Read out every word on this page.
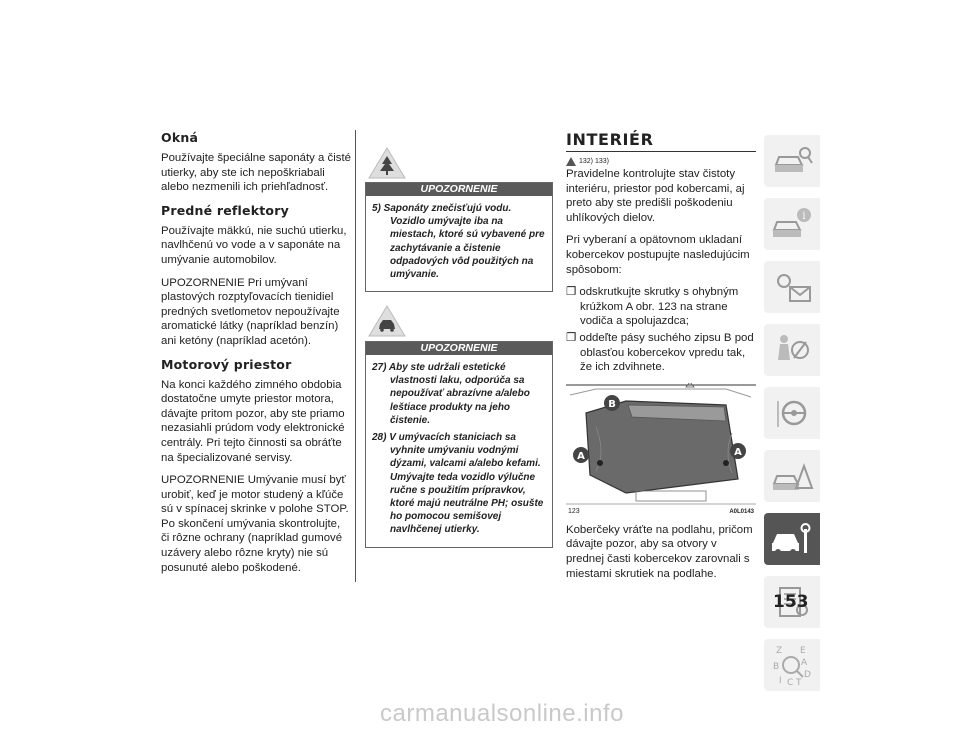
Okná

Používajte špeciálne saponáty a čisté utierky, aby ste ich nepoškriabali alebo nezmenili ich priehľadnosť.

Predné reflektory

Používajte mäkkú, nie suchú utierku, navlhčenú vo vode a v saponáte na umývanie automobilov.

UPOZORNENIE Pri umývaní plastových rozptyľovacích tienidiel predných svetlometov nepoužívajte aromatické látky (napríklad benzín) ani ketóny (napríklad acetón).

Motorový priestor

Na konci každého zimného obdobia dostatočne umyte priestor motora, dávajte pritom pozor, aby ste priamo nezasiahli prúdom vody elektronické centrály. Pri tejto činnosti sa obráťte na špecializované servisy.

UPOZORNENIE Umývanie musí byť urobiť, keď je motor studený a kľúče sú v spínacej skrinke v polohe STOP. Po skončení umývania skontrolujte, či rôzne ochrany (napríklad gumové uzávery alebo rôzne kryty) nie sú posunuté alebo poškodené.

UPOZORNENIE
5) Saponáty znečisťujú vodu. Vozidlo umývajte iba na miestach, ktoré sú vybavené pre zachytávanie a čistenie odpadových vôd použitých na umývanie.
UPOZORNENIE
27) Aby ste udržali estetické vlastnosti laku, odporúča sa nepoužívať abrazívne a/alebo leštiace produkty na jeho čistenie.
28) V umývacích staniciach sa vyhnite umývaniu vodnými dýzami, valcami a/alebo kefami. Umývajte teda vozidlo výlučne ručne s použitím prípravkov, ktoré majú neutrálne PH; osušte ho pomocou semišovej navlhčenej utierky.
INTERIÉR
132) 133)

Pravidelne kontrolujte stav čistoty interiéru, priestor pod kobercami, aj preto aby ste predišli poškodeniu uhlíkových dielov.

Pri vyberaní a opätovnom ukladaní kobercekov postupujte nasledujúcim spôsobom:

❐ odskrutkujte skrutky s ohybným krúžkom A obr. 123 na strane vodiča a spolujazdca;
❐ oddeľte pásy suchého zipsu B pod oblasťou kobercekov vpredu tak, že ich zdvihnete.
A	A
B
123	A0L0143

Koberčeky vráťte na podlahu, pričom dávajte pozor, aby sa otvory v prednej časti kobercekov zarovnali s miestami skrutiek na podlahe.

i
Z E
A
B
D
I C T
153
carmanualsonline.info
